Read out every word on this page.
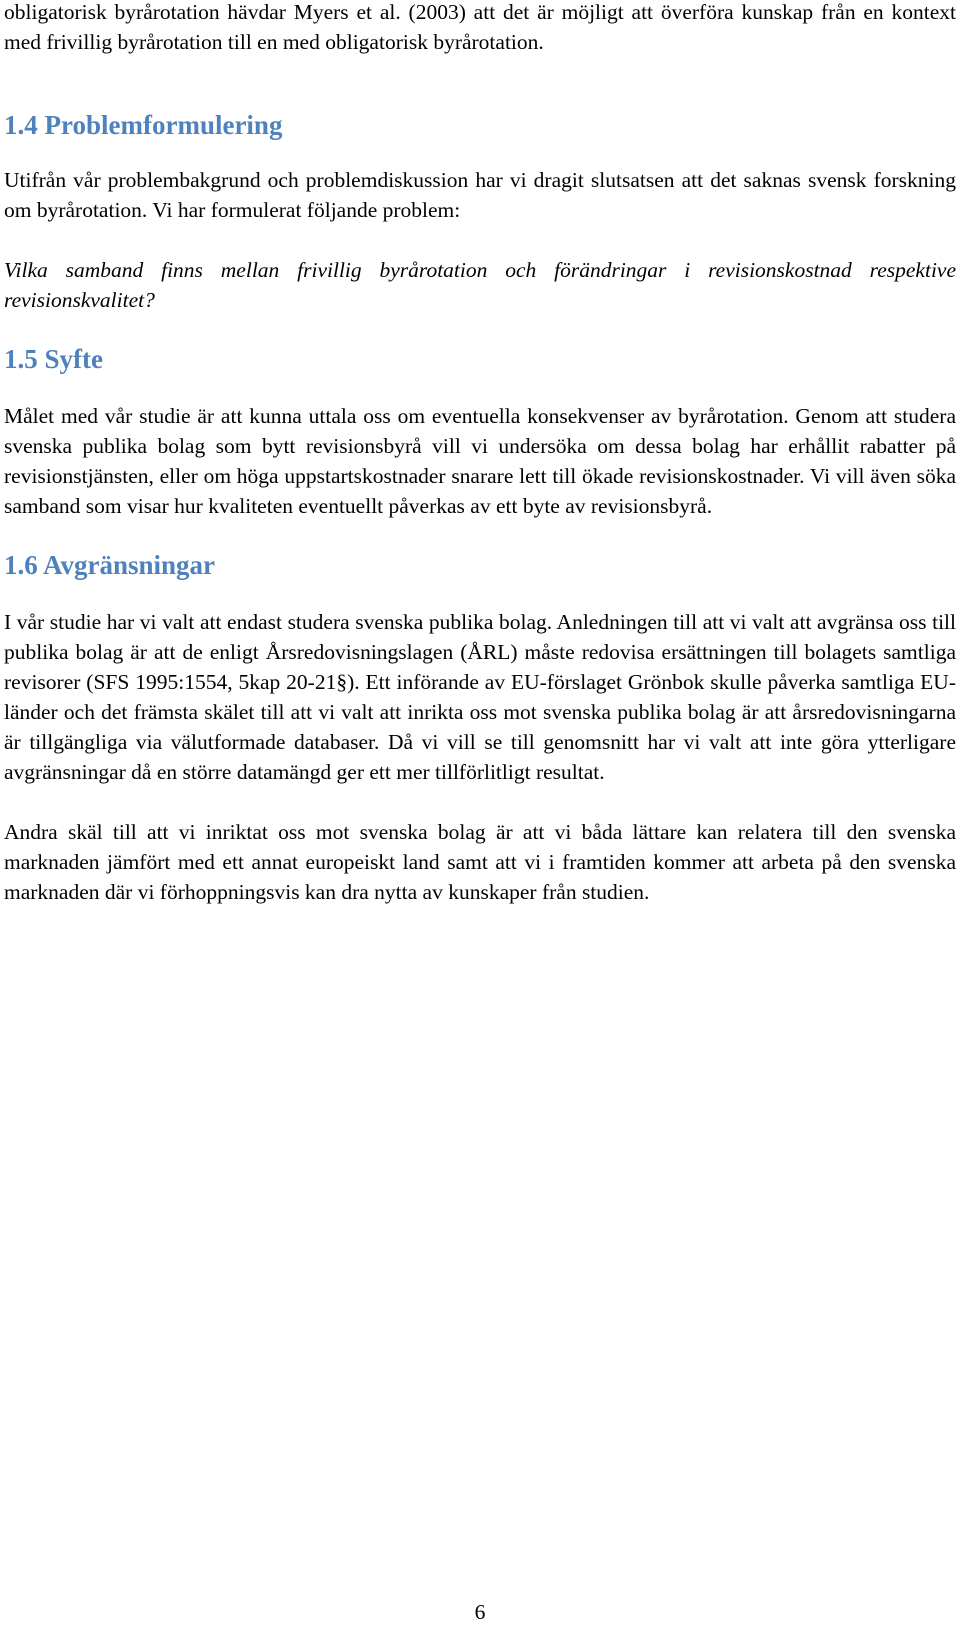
obligatorisk byrårotation hävdar Myers et al. (2003) att det är möjligt att överföra kunskap från en kontext med frivillig byrårotation till en med obligatorisk byrårotation.

1.4 Problemformulering

Utifrån vår problembakgrund och problemdiskussion har vi dragit slutsatsen att det saknas svensk forskning om byrårotation. Vi har formulerat följande problem:

Vilka samband finns mellan frivillig byrårotation och förändringar i revisionskostnad respektive revisionskvalitet?

1.5 Syfte

Målet med vår studie är att kunna uttala oss om eventuella konsekvenser av byrårotation. Genom att studera svenska publika bolag som bytt revisionsbyrå vill vi undersöka om dessa bolag har erhållit rabatter på revisionstjänsten, eller om höga uppstartskostnader snarare lett till ökade revisionskostnader. Vi vill även söka samband som visar hur kvaliteten eventuellt påverkas av ett byte av revisionsbyrå.

1.6 Avgränsningar

I vår studie har vi valt att endast studera svenska publika bolag. Anledningen till att vi valt att avgränsa oss till publika bolag är att de enligt Årsredovisningslagen (ÅRL) måste redovisa ersättningen till bolagets samtliga revisorer (SFS 1995:1554, 5kap 20-21§). Ett införande av EU-förslaget Grönbok skulle påverka samtliga EU-länder och det främsta skälet till att vi valt att inrikta oss mot svenska publika bolag är att årsredovisningarna är tillgängliga via välutformade databaser. Då vi vill se till genomsnitt har vi valt att inte göra ytterligare avgränsningar då en större datamängd ger ett mer tillförlitligt resultat.

Andra skäl till att vi inriktat oss mot svenska bolag är att vi båda lättare kan relatera till den svenska marknaden jämfört med ett annat europeiskt land samt att vi i framtiden kommer att arbeta på den svenska marknaden där vi förhoppningsvis kan dra nytta av kunskaper från studien.

6
